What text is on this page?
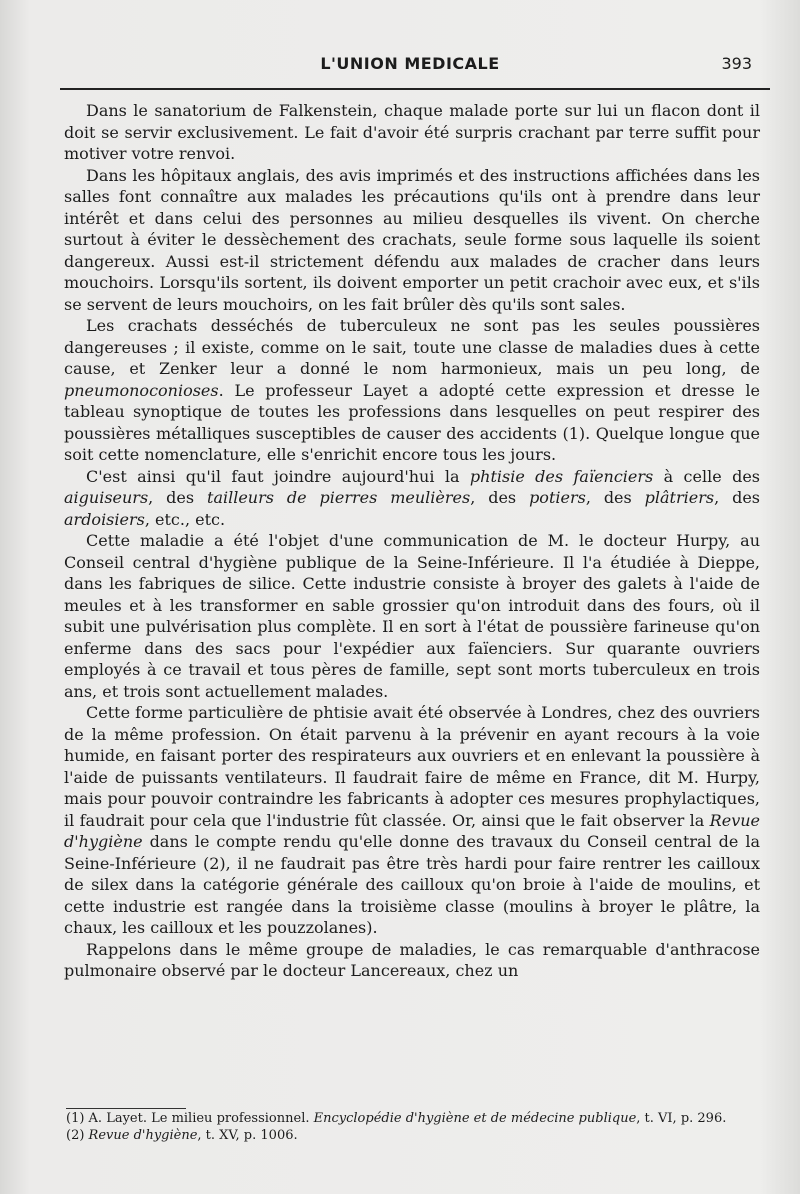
L'UNION MEDICALE	393

Dans le sanatorium de Falkenstein, chaque malade porte sur lui un flacon dont il doit se servir exclusivement. Le fait d'avoir été surpris crachant par terre suffit pour motiver votre renvoi.

Dans les hôpitaux anglais, des avis imprimés et des instructions affichées dans les salles font connaître aux malades les précautions qu'ils ont à prendre dans leur intérêt et dans celui des personnes au milieu desquelles ils vivent. On cherche surtout à éviter le dessèchement des crachats, seule forme sous laquelle ils soient dangereux. Aussi est-il strictement défendu aux malades de cracher dans leurs mouchoirs. Lorsqu'ils sortent, ils doivent emporter un petit crachoir avec eux, et s'ils se servent de leurs mouchoirs, on les fait brûler dès qu'ils sont sales.

Les crachats desséchés de tuberculeux ne sont pas les seules poussières dangereuses ; il existe, comme on le sait, toute une classe de maladies dues à cette cause, et Zenker leur a donné le nom harmonieux, mais un peu long, de pneumonoconioses. Le professeur Layet a adopté cette expression et dresse le tableau synoptique de toutes les professions dans lesquelles on peut respirer des poussières métalliques susceptibles de causer des accidents (1). Quelque longue que soit cette nomenclature, elle s'enrichit encore tous les jours.

C'est ainsi qu'il faut joindre aujourd'hui la phtisie des faïenciers à celle des aiguiseurs, des tailleurs de pierres meulières, des potiers, des plâtriers, des ardoisiers, etc., etc.

Cette maladie a été l'objet d'une communication de M. le docteur Hurpy, au Conseil central d'hygiène publique de la Seine-Inférieure. Il l'a étudiée à Dieppe, dans les fabriques de silice. Cette industrie consiste à broyer des galets à l'aide de meules et à les transformer en sable grossier qu'on introduit dans des fours, où il subit une pulvérisation plus complète. Il en sort à l'état de poussière farineuse qu'on enferme dans des sacs pour l'expédier aux faïenciers. Sur quarante ouvriers employés à ce travail et tous pères de famille, sept sont morts tuberculeux en trois ans, et trois sont actuellement malades.

Cette forme particulière de phtisie avait été observée à Londres, chez des ouvriers de la même profession. On était parvenu à la prévenir en ayant recours à la voie humide, en faisant porter des respirateurs aux ouvriers et en enlevant la poussière à l'aide de puissants ventilateurs. Il faudrait faire de même en France, dit M. Hurpy, mais pour pouvoir contraindre les fabricants à adopter ces mesures prophylactiques, il faudrait pour cela que l'industrie fût classée. Or, ainsi que le fait observer la Revue d'hygiène dans le compte rendu qu'elle donne des travaux du Conseil central de la Seine-Inférieure (2), il ne faudrait pas être très hardi pour faire rentrer les cailloux de silex dans la catégorie générale des cailloux qu'on broie à l'aide de moulins, et cette industrie est rangée dans la troisième classe (moulins à broyer le plâtre, la chaux, les cailloux et les pouzzolanes).

Rappelons dans le même groupe de maladies, le cas remarquable d'anthracose pulmonaire observé par le docteur Lancereaux, chez un

(1) A. Layet. Le milieu professionnel. Encyclopédie d'hygiène et de médecine publique, t. VI, p. 296.

(2) Revue d'hygiène, t. XV, p. 1006.
